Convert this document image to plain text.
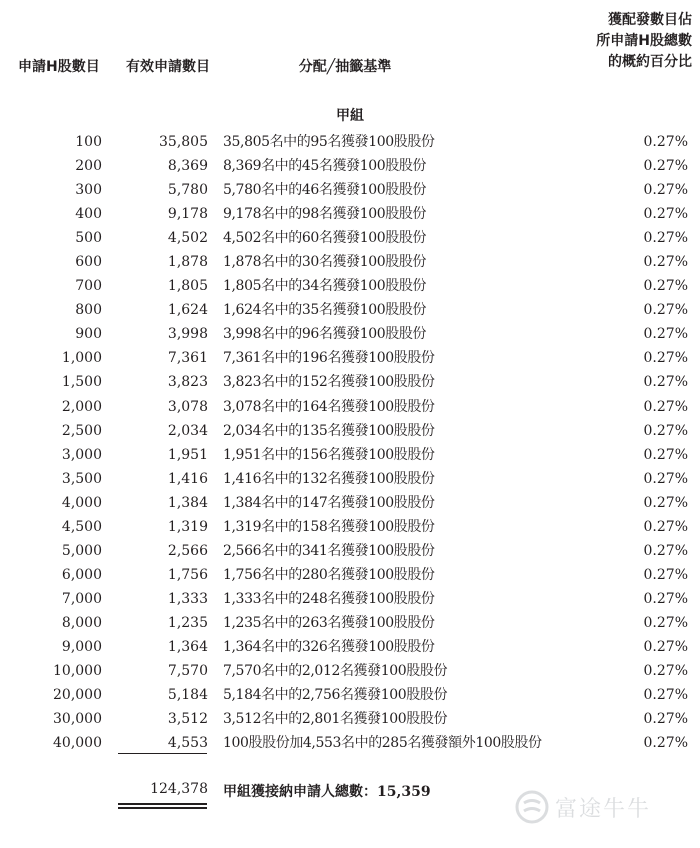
申請H股數目	有效申請數目	分配╱抽籤基準
獲配發數目佔
所申請H股總數
的概約百分比
甲組
100	35,805 35,805名中的95名獲發100股股份	0.27%
200	8,369 8,369名中的45名獲發100股股份	0.27%
300	5,780 5,780名中的46名獲發100股股份	0.27%
400	9,178 9,178名中的98名獲發100股股份	0.27%
500	4,502 4,502名中的60名獲發100股股份	0.27%
600	1,878 1,878名中的30名獲發100股股份	0.27%
700	1,805 1,805名中的34名獲發100股股份	0.27%
800	1,624 1,624名中的35名獲發100股股份	0.27%
900	3,998 3,998名中的96名獲發100股股份	0.27%
1,000	7,361 7,361名中的196名獲發100股股份	0.27%
1,500	3,823 3,823名中的152名獲發100股股份	0.27%
2,000	3,078 3,078名中的164名獲發100股股份	0.27%
2,500	2,034 2,034名中的135名獲發100股股份	0.27%
3,000	1,951 1,951名中的156名獲發100股股份	0.27%
3,500	1,416 1,416名中的132名獲發100股股份	0.27%
4,000	1,384 1,384名中的147名獲發100股股份	0.27%
4,500	1,319 1,319名中的158名獲發100股股份	0.27%
5,000	2,566 2,566名中的341名獲發100股股份	0.27%
6,000	1,756 1,756名中的280名獲發100股股份	0.27%
7,000	1,333 1,333名中的248名獲發100股股份	0.27%
8,000	1,235 1,235名中的263名獲發100股股份	0.27%
9,000	1,364 1,364名中的326名獲發100股股份	0.27%
10,000	7,570 7,570名中的2,012名獲發100股股份	0.27%
20,000	5,184 5,184名中的2,756名獲發100股股份	0.27%
30,000	3,512 3,512名中的2,801名獲發100股股份	0.27%
40,000	4,553 100股股份加4,553名中的285名獲發額外100股股份	0.27%
124,378 甲組獲接納申請人總數：15,359
富途牛牛
